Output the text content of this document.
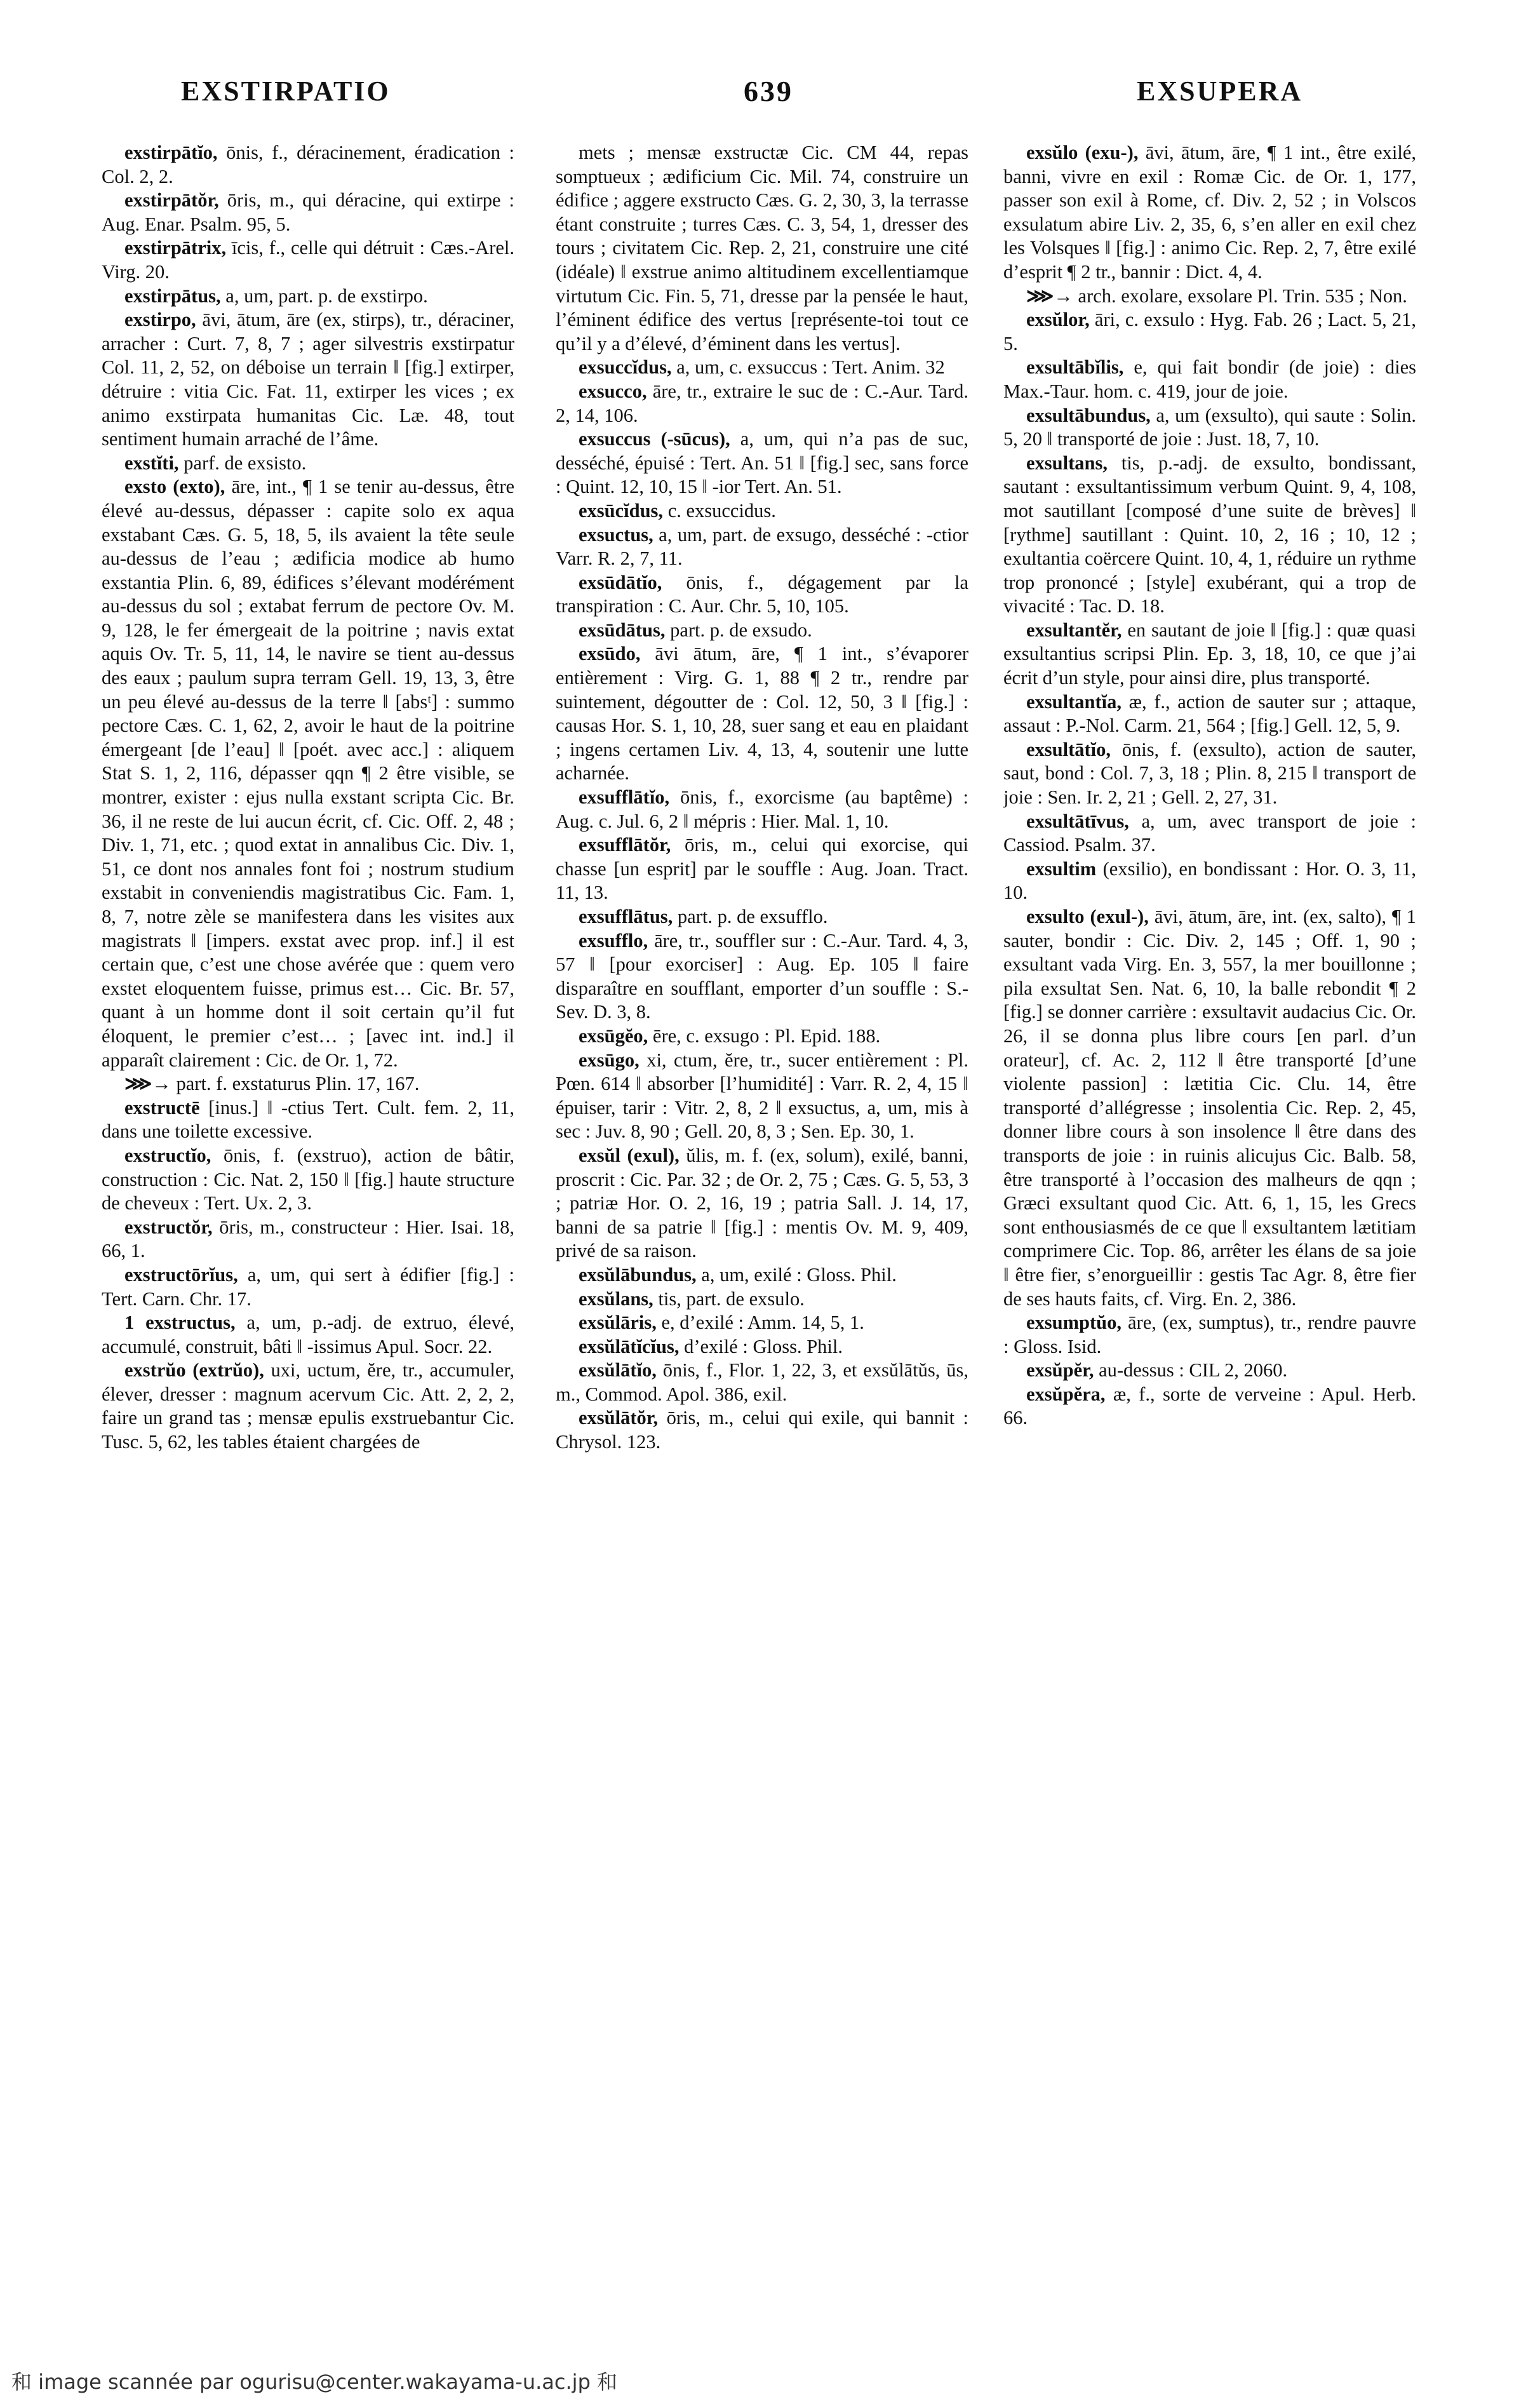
EXSTIRPATIO	639	EXSUPERA

exstirpātĭo, ōnis, f., déracinement, éradication : Col. 2, 2.

exstirpātŏr, ōris, m., qui déracine, qui extirpe : Aug. Enar. Psalm. 95, 5.

exstirpātrix, īcis, f., celle qui détruit : Cæs.-Arel. Virg. 20.

exstirpātus, a, um, part. p. de exstirpo.

exstirpo, āvi, ātum, āre (ex, stirps), tr., déraciner, arracher : Curt. 7, 8, 7 ; ager silvestris exstirpatur Col. 11, 2, 52, on déboise un terrain ‖ [fig.] extirper, détruire : vitia Cic. Fat. 11, extirper les vices ; ex animo exstirpata humanitas Cic. Læ. 48, tout sentiment humain arraché de l’âme.

exstĭti, parf. de exsisto.

exsto (exto), āre, int., ¶ 1 se tenir au-dessus, être élevé au-dessus, dépasser : capite solo ex aqua exstabant Cæs. G. 5, 18, 5, ils avaient la tête seule au-dessus de l’eau ; ædificia modice ab humo exstantia Plin. 6, 89, édifices s’élevant modérément au-dessus du sol ; extabat ferrum de pectore Ov. M. 9, 128, le fer émergeait de la poitrine ; navis extat aquis Ov. Tr. 5, 11, 14, le navire se tient au-dessus des eaux ; paulum supra terram Gell. 19, 13, 3, être un peu élevé au-dessus de la terre ‖ [absᵗ] : summo pectore Cæs. C. 1, 62, 2, avoir le haut de la poitrine émergeant [de l’eau] ‖ [poét. avec acc.] : aliquem Stat S. 1, 2, 116, dépasser qqn ¶ 2 être visible, se montrer, exister : ejus nulla exstant scripta Cic. Br. 36, il ne reste de lui aucun écrit, cf. Cic. Off. 2, 48 ; Div. 1, 71, etc. ; quod extat in annalibus Cic. Div. 1, 51, ce dont nos annales font foi ; nostrum studium exstabit in conveniendis magistratibus Cic. Fam. 1, 8, 7, notre zèle se manifestera dans les visites aux magistrats ‖ [impers. exstat avec prop. inf.] il est certain que, c’est une chose avérée que : quem vero exstet eloquentem fuisse, primus est… Cic. Br. 57, quant à un homme dont il soit certain qu’il fut éloquent, le premier c’est… ; [avec int. ind.] il apparaît clairement : Cic. de Or. 1, 72.

⋙→ part. f. exstaturus Plin. 17, 167.

exstructē [inus.] ‖ -ctius Tert. Cult. fem. 2, 11, dans une toilette excessive.

exstructĭo, ōnis, f. (exstruo), action de bâtir, construction : Cic. Nat. 2, 150 ‖ [fig.] haute structure de cheveux : Tert. Ux. 2, 3.

exstructŏr, ōris, m., constructeur : Hier. Isai. 18, 66, 1.

exstructōrĭus, a, um, qui sert à édifier [fig.] : Tert. Carn. Chr. 17.

1 exstructus, a, um, p.-adj. de extruo, élevé, accumulé, construit, bâti ‖ -issimus Apul. Socr. 22.

exstrŭo (extrŭo), uxi, uctum, ĕre, tr., accumuler, élever, dresser : magnum acervum Cic. Att. 2, 2, 2, faire un grand tas ; mensæ epulis exstruebantur Cic. Tusc. 5, 62, les tables étaient chargées de

mets ; mensæ exstructæ Cic. CM 44, repas somptueux ; ædificium Cic. Mil. 74, construire un édifice ; aggere exstructo Cæs. G. 2, 30, 3, la terrasse étant construite ; turres Cæs. C. 3, 54, 1, dresser des tours ; civitatem Cic. Rep. 2, 21, construire une cité (idéale) ‖ exstrue animo altitudinem excellentiamque virtutum Cic. Fin. 5, 71, dresse par la pensée le haut, l’éminent édifice des vertus [représente-toi tout ce qu’il y a d’élevé, d’éminent dans les vertus].

exsuccĭdus, a, um, c. exsuccus : Tert. Anim. 32

exsucco, āre, tr., extraire le suc de : C.-Aur. Tard. 2, 14, 106.

exsuccus (-sūcus), a, um, qui n’a pas de suc, desséché, épuisé : Tert. An. 51 ‖ [fig.] sec, sans force : Quint. 12, 10, 15 ‖ -ior Tert. An. 51.

exsūcĭdus, c. exsuccidus.

exsuctus, a, um, part. de exsugo, desséché : -ctior Varr. R. 2, 7, 11.

exsūdātĭo, ōnis, f., dégagement par la transpiration : C. Aur. Chr. 5, 10, 105.

exsūdātus, part. p. de exsudo.

exsūdo, āvi ātum, āre, ¶ 1 int., s’évaporer entièrement : Virg. G. 1, 88 ¶ 2 tr., rendre par suintement, dégoutter de : Col. 12, 50, 3 ‖ [fig.] : causas Hor. S. 1, 10, 28, suer sang et eau en plaidant ; ingens certamen Liv. 4, 13, 4, soutenir une lutte acharnée.

exsufflātĭo, ōnis, f., exorcisme (au baptême) : Aug. c. Jul. 6, 2 ‖ mépris : Hier. Mal. 1, 10.

exsufflātŏr, ōris, m., celui qui exorcise, qui chasse [un esprit] par le souffle : Aug. Joan. Tract. 11, 13.

exsufflātus, part. p. de exsufflo.

exsufflo, āre, tr., souffler sur : C.-Aur. Tard. 4, 3, 57 ‖ [pour exorciser] : Aug. Ep. 105 ‖ faire disparaître en soufflant, emporter d’un souffle : S.-Sev. D. 3, 8.

exsūgĕo, ēre, c. exsugo : Pl. Epid. 188.

exsūgo, xi, ctum, ĕre, tr., sucer entièrement : Pl. Pœn. 614 ‖ absorber [l’humidité] : Varr. R. 2, 4, 15 ‖ épuiser, tarir : Vitr. 2, 8, 2 ‖ exsuctus, a, um, mis à sec : Juv. 8, 90 ; Gell. 20, 8, 3 ; Sen. Ep. 30, 1.

exsŭl (exul), ŭlis, m. f. (ex, solum), exilé, banni, proscrit : Cic. Par. 32 ; de Or. 2, 75 ; Cæs. G. 5, 53, 3 ; patriæ Hor. O. 2, 16, 19 ; patria Sall. J. 14, 17, banni de sa patrie ‖ [fig.] : mentis Ov. M. 9, 409, privé de sa raison.

exsŭlābundus, a, um, exilé : Gloss. Phil.

exsŭlans, tis, part. de exsulo.

exsŭlāris, e, d’exilé : Amm. 14, 5, 1.

exsŭlātĭcĭus, d’exilé : Gloss. Phil.

exsŭlātĭo, ōnis, f., Flor. 1, 22, 3, et exsŭlātŭs, ūs, m., Commod. Apol. 386, exil.

exsŭlātŏr, ōris, m., celui qui exile, qui bannit : Chrysol. 123.

exsŭlo (exu-), āvi, ātum, āre, ¶ 1 int., être exilé, banni, vivre en exil : Romæ Cic. de Or. 1, 177, passer son exil à Rome, cf. Div. 2, 52 ; in Volscos exsulatum abire Liv. 2, 35, 6, s’en aller en exil chez les Volsques ‖ [fig.] : animo Cic. Rep. 2, 7, être exilé d’esprit ¶ 2 tr., bannir : Dict. 4, 4.

⋙→ arch. exolare, exsolare Pl. Trin. 535 ; Non.

exsŭlor, āri, c. exsulo : Hyg. Fab. 26 ; Lact. 5, 21, 5.

exsultābĭlis, e, qui fait bondir (de joie) : dies Max.-Taur. hom. c. 419, jour de joie.

exsultābundus, a, um (exsulto), qui saute : Solin. 5, 20 ‖ transporté de joie : Just. 18, 7, 10.

exsultans, tis, p.-adj. de exsulto, bondissant, sautant : exsultantissimum verbum Quint. 9, 4, 108, mot sautillant [composé d’une suite de brèves] ‖ [rythme] sautillant : Quint. 10, 2, 16 ; 10, 12 ; exultantia coërcere Quint. 10, 4, 1, réduire un rythme trop prononcé ; [style] exubérant, qui a trop de vivacité : Tac. D. 18.

exsultantĕr, en sautant de joie ‖ [fig.] : quæ quasi exsultantius scripsi Plin. Ep. 3, 18, 10, ce que j’ai écrit d’un style, pour ainsi dire, plus transporté.

exsultantĭa, æ, f., action de sauter sur ; attaque, assaut : P.-Nol. Carm. 21, 564 ; [fig.] Gell. 12, 5, 9.

exsultātĭo, ōnis, f. (exsulto), action de sauter, saut, bond : Col. 7, 3, 18 ; Plin. 8, 215 ‖ transport de joie : Sen. Ir. 2, 21 ; Gell. 2, 27, 31.

exsultātīvus, a, um, avec transport de joie : Cassiod. Psalm. 37.

exsultim (exsilio), en bondissant : Hor. O. 3, 11, 10.

exsulto (exul-), āvi, ātum, āre, int. (ex, salto), ¶ 1 sauter, bondir : Cic. Div. 2, 145 ; Off. 1, 90 ; exsultant vada Virg. En. 3, 557, la mer bouillonne ; pila exsultat Sen. Nat. 6, 10, la balle rebondit ¶ 2 [fig.] se donner carrière : exsultavit audacius Cic. Or. 26, il se donna plus libre cours [en parl. d’un orateur], cf. Ac. 2, 112 ‖ être transporté [d’une violente passion] : lætitia Cic. Clu. 14, être transporté d’allégresse ; insolentia Cic. Rep. 2, 45, donner libre cours à son insolence ‖ être dans des transports de joie : in ruinis alicujus Cic. Balb. 58, être transporté à l’occasion des malheurs de qqn ; Græci exsultant quod Cic. Att. 6, 1, 15, les Grecs sont enthousiasmés de ce que ‖ exsultantem lætitiam comprimere Cic. Top. 86, arrêter les élans de sa joie ‖ être fier, s’enorgueillir : gestis Tac Agr. 8, être fier de ses hauts faits, cf. Virg. En. 2, 386.

exsumptŭo, āre, (ex, sumptus), tr., rendre pauvre : Gloss. Isid.

exsŭpĕr, au-dessus : CIL 2, 2060.

exsŭpĕra, æ, f., sorte de verveine : Apul. Herb. 66.

和 image scannée par ogurisu@center.wakayama-u.ac.jp 和
